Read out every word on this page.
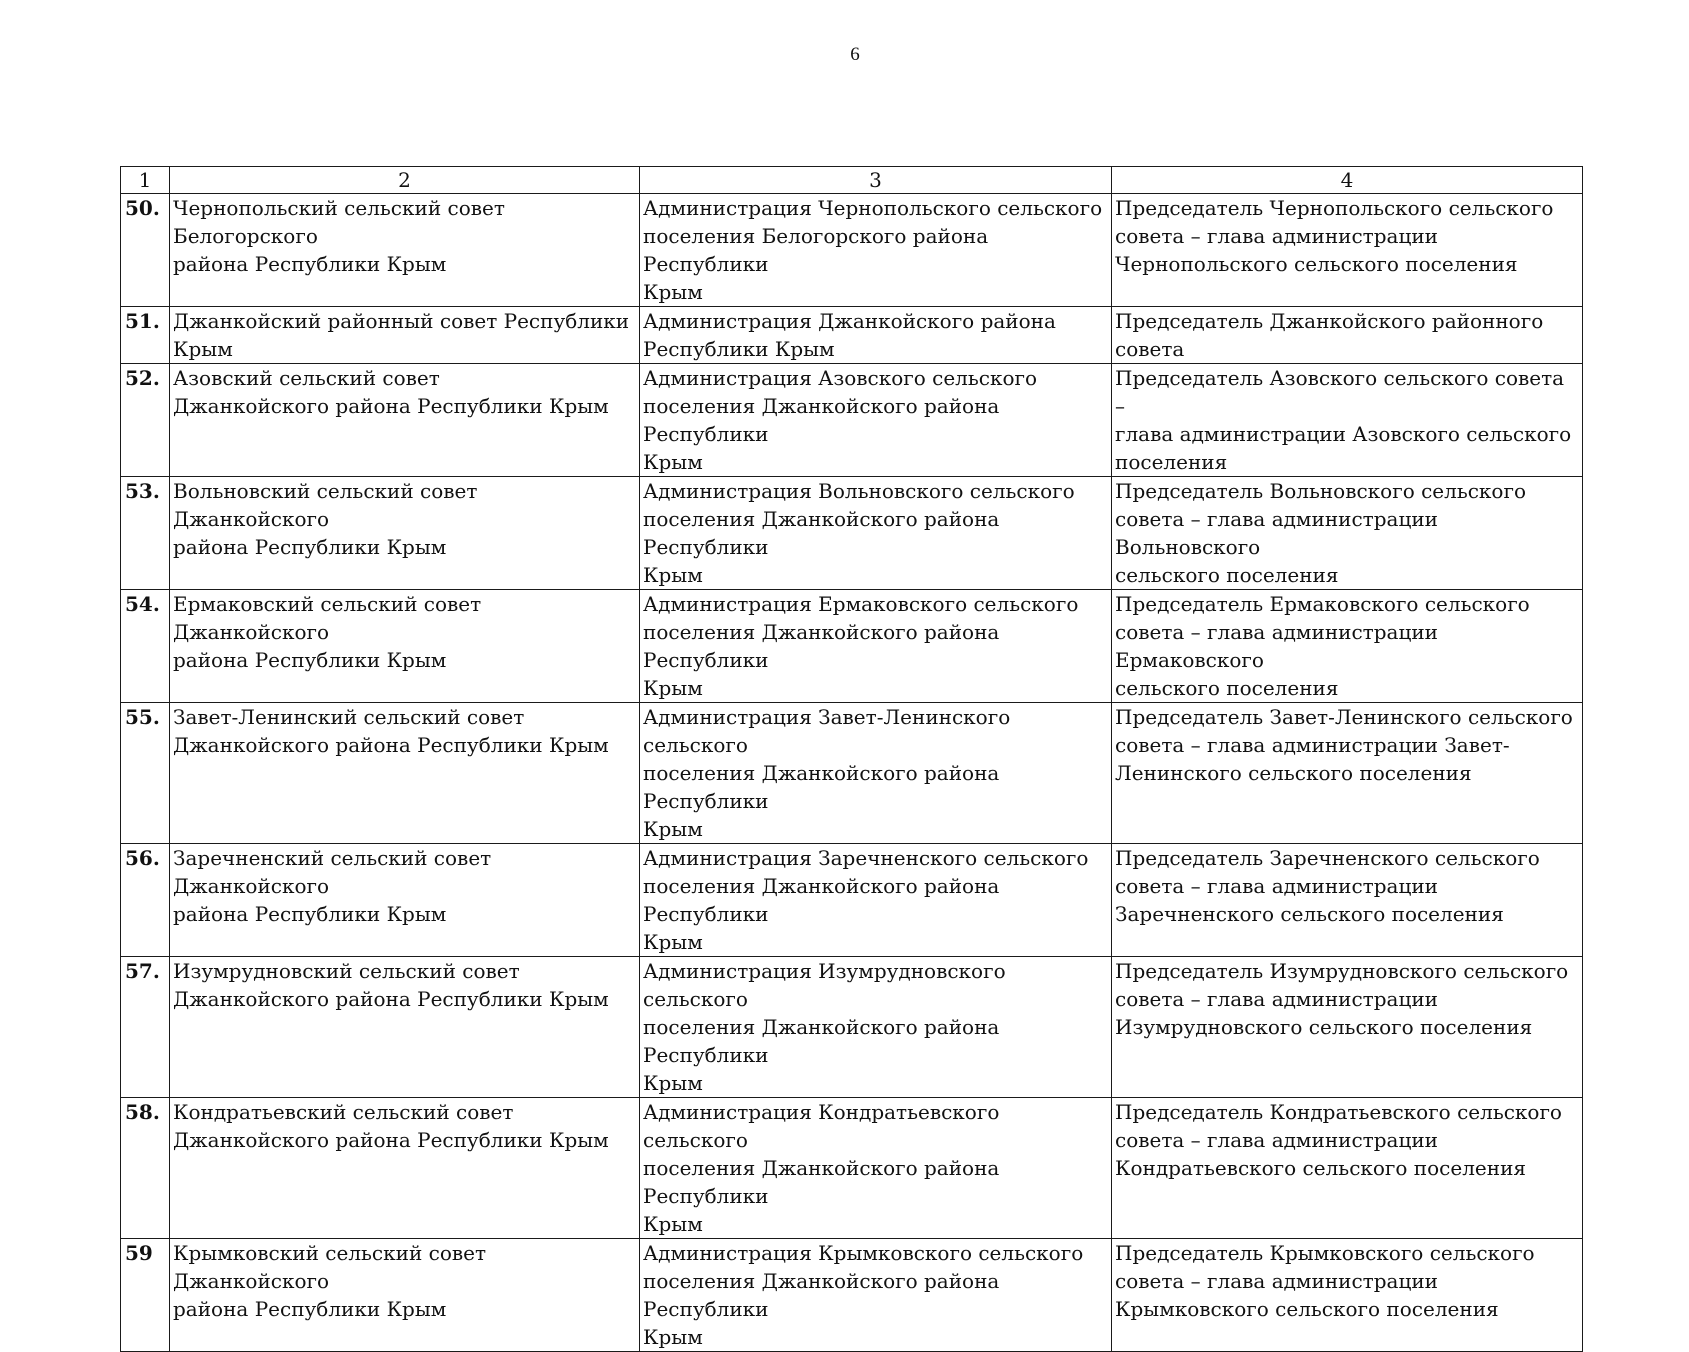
6
1	2	3	4
50.	Чернопольский сельский совет Белогорского
района Республики Крым	Администрация Чернопольского сельского
поселения Белогорского района Республики
Крым	Председатель Чернопольского сельского
совета – глава администрации
Чернопольского сельского поселения

51.	Джанкойский районный совет Республики
Крым	Администрация Джанкойского района
Республики Крым	Председатель Джанкойского районного
совета

52.	Азовский сельский совет
Джанкойского района Республики Крым	Администрация Азовского сельского
поселения Джанкойского района Республики
Крым	Председатель Азовского сельского совета –
глава администрации Азовского сельского
поселения

53.	Вольновский сельский совет Джанкойского
района Республики Крым	Администрация Вольновского сельского
поселения Джанкойского района Республики
Крым	Председатель Вольновского сельского
совета – глава администрации Вольновского
сельского поселения

54.	Ермаковский сельский совет Джанкойского
района Республики Крым	Администрация Ермаковского сельского
поселения Джанкойского района Республики
Крым	Председатель Ермаковского сельского
совета – глава администрации Ермаковского
сельского поселения

55.	Завет-Ленинский сельский совет
Джанкойского района Республики Крым	Администрация Завет-Ленинского сельского
поселения Джанкойского района Республики
Крым	Председатель Завет-Ленинского сельского
совета – глава администрации Завет-
Ленинского сельского поселения

56.	Заречненский сельский совет Джанкойского
района Республики Крым	Администрация Заречненского сельского
поселения Джанкойского района Республики
Крым	Председатель Заречненского сельского
совета – глава администрации
Заречненского сельского поселения

57.	Изумрудновский сельский совет
Джанкойского района Республики Крым	Администрация Изумрудновского сельского
поселения Джанкойского района Республики
Крым	Председатель Изумрудновского сельского
совета – глава администрации
Изумрудновского сельского поселения

58.	Кондратьевский сельский совет
Джанкойского района Республики Крым	Администрация Кондратьевского сельского
поселения Джанкойского района Республики
Крым	Председатель Кондратьевского сельского
совета – глава администрации
Кондратьевского сельского поселения

59	Крымковский сельский совет Джанкойского
района Республики Крым	Администрация Крымковского сельского
поселения Джанкойского района Республики
Крым	Председатель Крымковского сельского
совета – глава администрации
Крымковского сельского поселения
